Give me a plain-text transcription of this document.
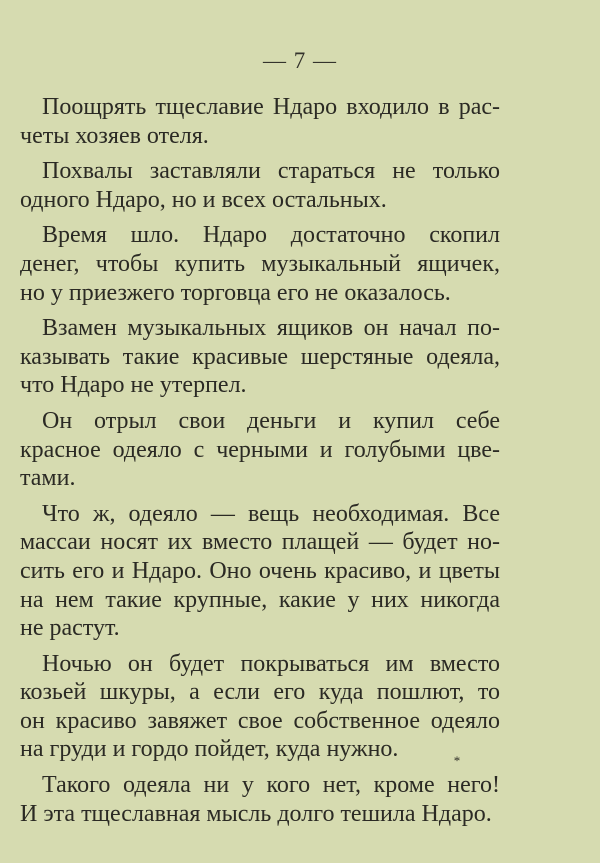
— 7 —
Поощрять тщеславие Ндаро входило в рас-
четы хозяев отеля.
Похвалы заставляли стараться не только
одного Ндаро, но и всех остальных.
Время шло. Ндаро достаточно скопил
денег, чтобы купить музыкальный ящичек,
но у приезжего торговца его не оказалось.
Взамен музыкальных ящиков он начал по-
казывать такие красивые шерстяные одеяла,
что Ндаро не утерпел.
Он отрыл свои деньги и купил себе
красное одеяло с черными и голубыми цве-
тами.
Что ж, одеяло — вещь необходимая. Все
массаи носят их вместо плащей — будет но-
сить его и Ндаро. Оно очень красиво, и цветы
на нем такие крупные, какие у них никогда
не растут.
Ночью он будет покрываться им вместо
козьей шкуры, а если его куда пошлют, то
он красиво завяжет свое собственное одеяло
на груди и гордо пойдет, куда нужно.
Такого одеяла ни у кого нет, кроме него!
И эта тщеславная мысль долго тешила Ндаро.
*
